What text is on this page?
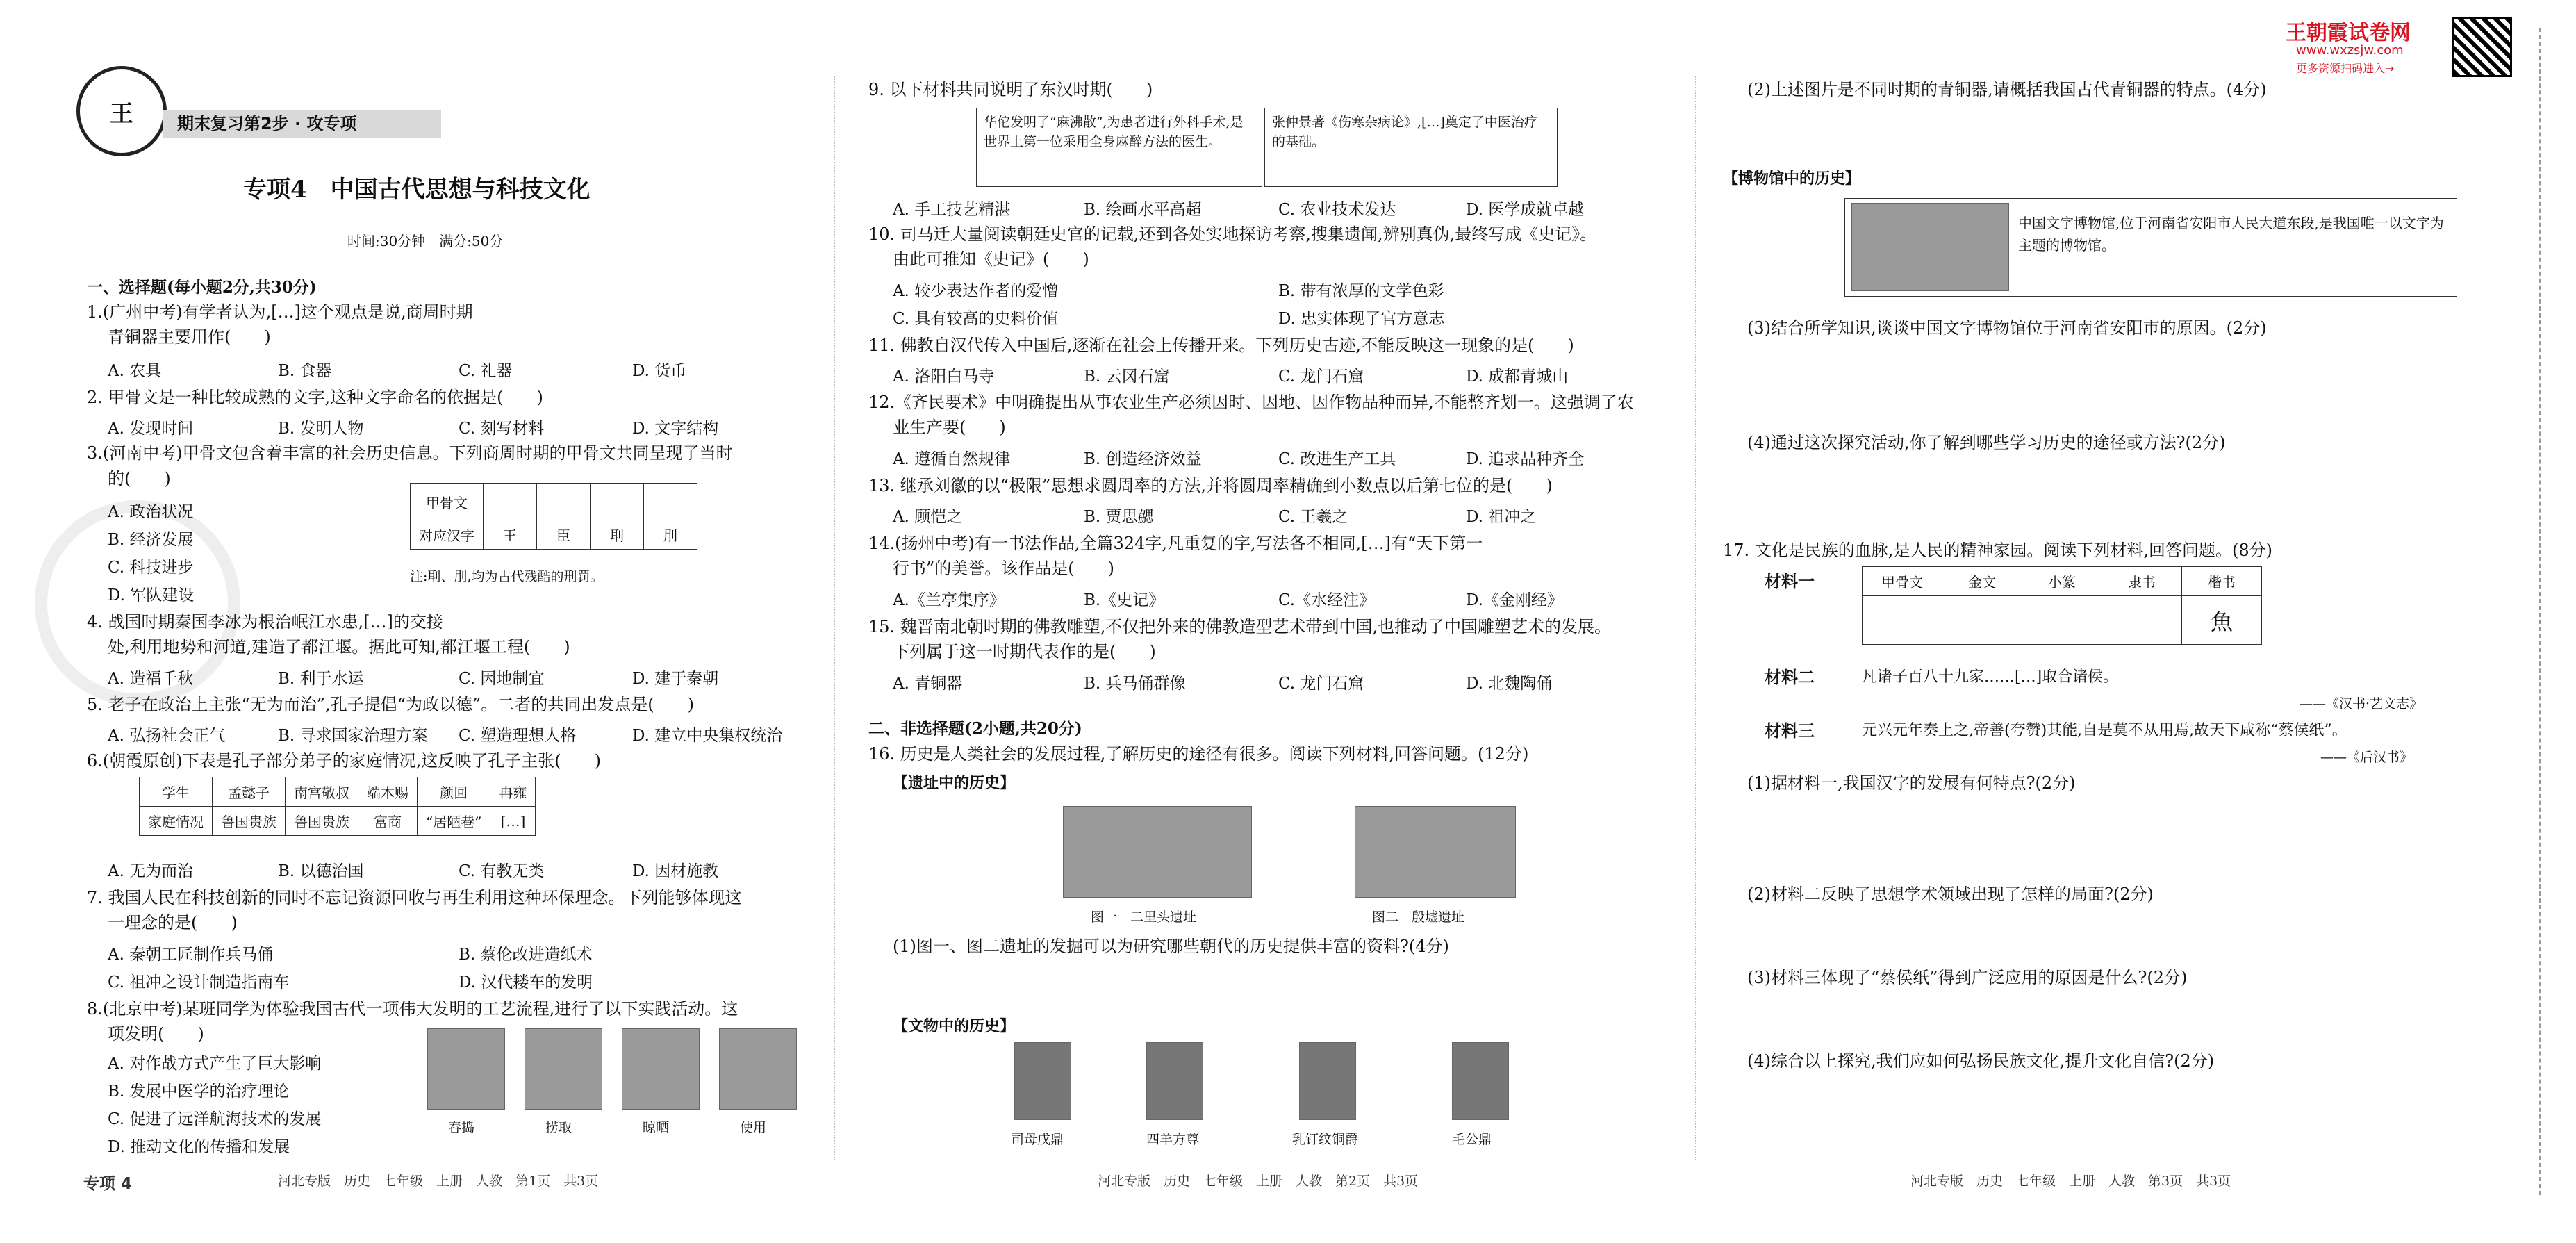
王	期末复习第2步 · 攻专项
王朝霞试卷网
www.wxzsjw.com
更多资源扫码进入→
专项4　中国古代思想与科技文化
时间:30分钟　满分:50分
一、选择题(每小题2分,共30分)
1.(广州中考)有学者认为,[…]这个观点是说,商周时期
青铜器主要用作(　　)
A. 农具	B. 食器	C. 礼器	D. 货币
2. 甲骨文是一种比较成熟的文字,这种文字命名的依据是(　　)
A. 发现时间	B. 发明人物	C. 刻写材料	D. 文字结构
3.(河南中考)甲骨文包含着丰富的社会历史信息。下列商周时期的甲骨文共同呈现了当时
的(　　)
A. 政治状况
B. 经济发展
C. 科技进步
D. 军队建设
甲骨文				
对应汉字	王	臣	刵	刖
注:刵、刖,均为古代残酷的刑罚。
4. 战国时期秦国李冰为根治岷江水患,[…]的交接
处,利用地势和河道,建造了都江堰。据此可知,都江堰工程(　　)
A. 造福千秋	B. 利于水运	C. 因地制宜	D. 建于秦朝
5. 老子在政治上主张“无为而治”,孔子提倡“为政以德”。二者的共同出发点是(　　)
A. 弘扬社会正气	B. 寻求国家治理方案 C. 塑造理想人格	D. 建立中央集权统治
6.(朝霞原创)下表是孔子部分弟子的家庭情况,这反映了孔子主张(　　)
学生	孟懿子	南宫敬叔	端木赐	颜回	冉雍
家庭情况	鲁国贵族	鲁国贵族	富商	“居陋巷”	[…]
A. 无为而治	B. 以德治国	C. 有教无类	D. 因材施教
7. 我国人民在科技创新的同时不忘记资源回收与再生利用这种环保理念。下列能够体现这
一理念的是(　　)
A. 秦朝工匠制作兵马俑	B. 蔡伦改进造纸术
C. 祖冲之设计制造指南车	D. 汉代耧车的发明
8.(北京中考)某班同学为体验我国古代一项伟大发明的工艺流程,进行了以下实践活动。这
项发明(　　)
A. 对作战方式产生了巨大影响
B. 发展中医学的治疗理论
C. 促进了远洋航海技术的发展
D. 推动文化的传播和发展
舂捣	捞取	晾晒	使用
专项 4	河北专版　历史　七年级　上册　人教　第1页　共3页
9. 以下材料共同说明了东汉时期(　　)
华佗发明了“麻沸散”,为患者进行外科手术,是世界上第一位采用全身麻醉方法的医生。
张仲景著《伤寒杂病论》,[…]奠定了中医治疗的基础。
A. 手工技艺精湛	B. 绘画水平高超	C. 农业技术发达	D. 医学成就卓越
10. 司马迁大量阅读朝廷史官的记载,还到各处实地探访考察,搜集遗闻,辨别真伪,最终写成《史记》。
由此可推知《史记》(　　)
A. 较少表达作者的爱憎	B. 带有浓厚的文学色彩
C. 具有较高的史料价值	D. 忠实体现了官方意志
11. 佛教自汉代传入中国后,逐渐在社会上传播开来。下列历史古迹,不能反映这一现象的是(　　)
A. 洛阳白马寺	B. 云冈石窟	C. 龙门石窟	D. 成都青城山
12.《齐民要术》中明确提出从事农业生产必须因时、因地、因作物品种而异,不能整齐划一。这强调了农
业生产要(　　)
A. 遵循自然规律	B. 创造经济效益	C. 改进生产工具	D. 追求品种齐全
13. 继承刘徽的以“极限”思想求圆周率的方法,并将圆周率精确到小数点以后第七位的是(　　)
A. 顾恺之	B. 贾思勰	C. 王羲之	D. 祖冲之
14.(扬州中考)有一书法作品,全篇324字,凡重复的字,写法各不相同,[…]有“天下第一
行书”的美誉。该作品是(　　)
A.《兰亭集序》	B.《史记》	C.《水经注》	D.《金刚经》
15. 魏晋南北朝时期的佛教雕塑,不仅把外来的佛教造型艺术带到中国,也推动了中国雕塑艺术的发展。
下列属于这一时期代表作的是(　　)
A. 青铜器	B. 兵马俑群像	C. 龙门石窟	D. 北魏陶俑
二、非选择题(2小题,共20分)
16. 历史是人类社会的发展过程,了解历史的途径有很多。阅读下列材料,回答问题。(12分)
【遗址中的历史】
图一　二里头遗址	图二　殷墟遗址
(1)图一、图二遗址的发掘可以为研究哪些朝代的历史提供丰富的资料?(4分)
【文物中的历史】
司母戊鼎	四羊方尊	乳钉纹铜爵	毛公鼎
河北专版　历史　七年级　上册　人教　第2页　共3页
(2)上述图片是不同时期的青铜器,请概括我国古代青铜器的特点。(4分)
【博物馆中的历史】
中国文字博物馆,位于河南省安阳市人民大道东段,是我国唯一以文字为主题的博物馆。
(3)结合所学知识,谈谈中国文字博物馆位于河南省安阳市的原因。(2分)
(4)通过这次探究活动,你了解到哪些学习历史的途径或方法?(2分)
17. 文化是民族的血脉,是人民的精神家园。阅读下列材料,回答问题。(8分)
材料一	甲骨文	金文	小篆	隶书	楷书
				魚
材料二	凡诸子百八十九家……[…]取合诸侯。
——《汉书·艺文志》
材料三	元兴元年奏上之,帝善(夸赞)其能,自是莫不从用焉,故天下咸称“蔡侯纸”。
——《后汉书》
(1)据材料一,我国汉字的发展有何特点?(2分)
(2)材料二反映了思想学术领域出现了怎样的局面?(2分)
(3)材料三体现了“蔡侯纸”得到广泛应用的原因是什么?(2分)
(4)综合以上探究,我们应如何弘扬民族文化,提升文化自信?(2分)
河北专版　历史　七年级　上册　人教　第3页　共3页
